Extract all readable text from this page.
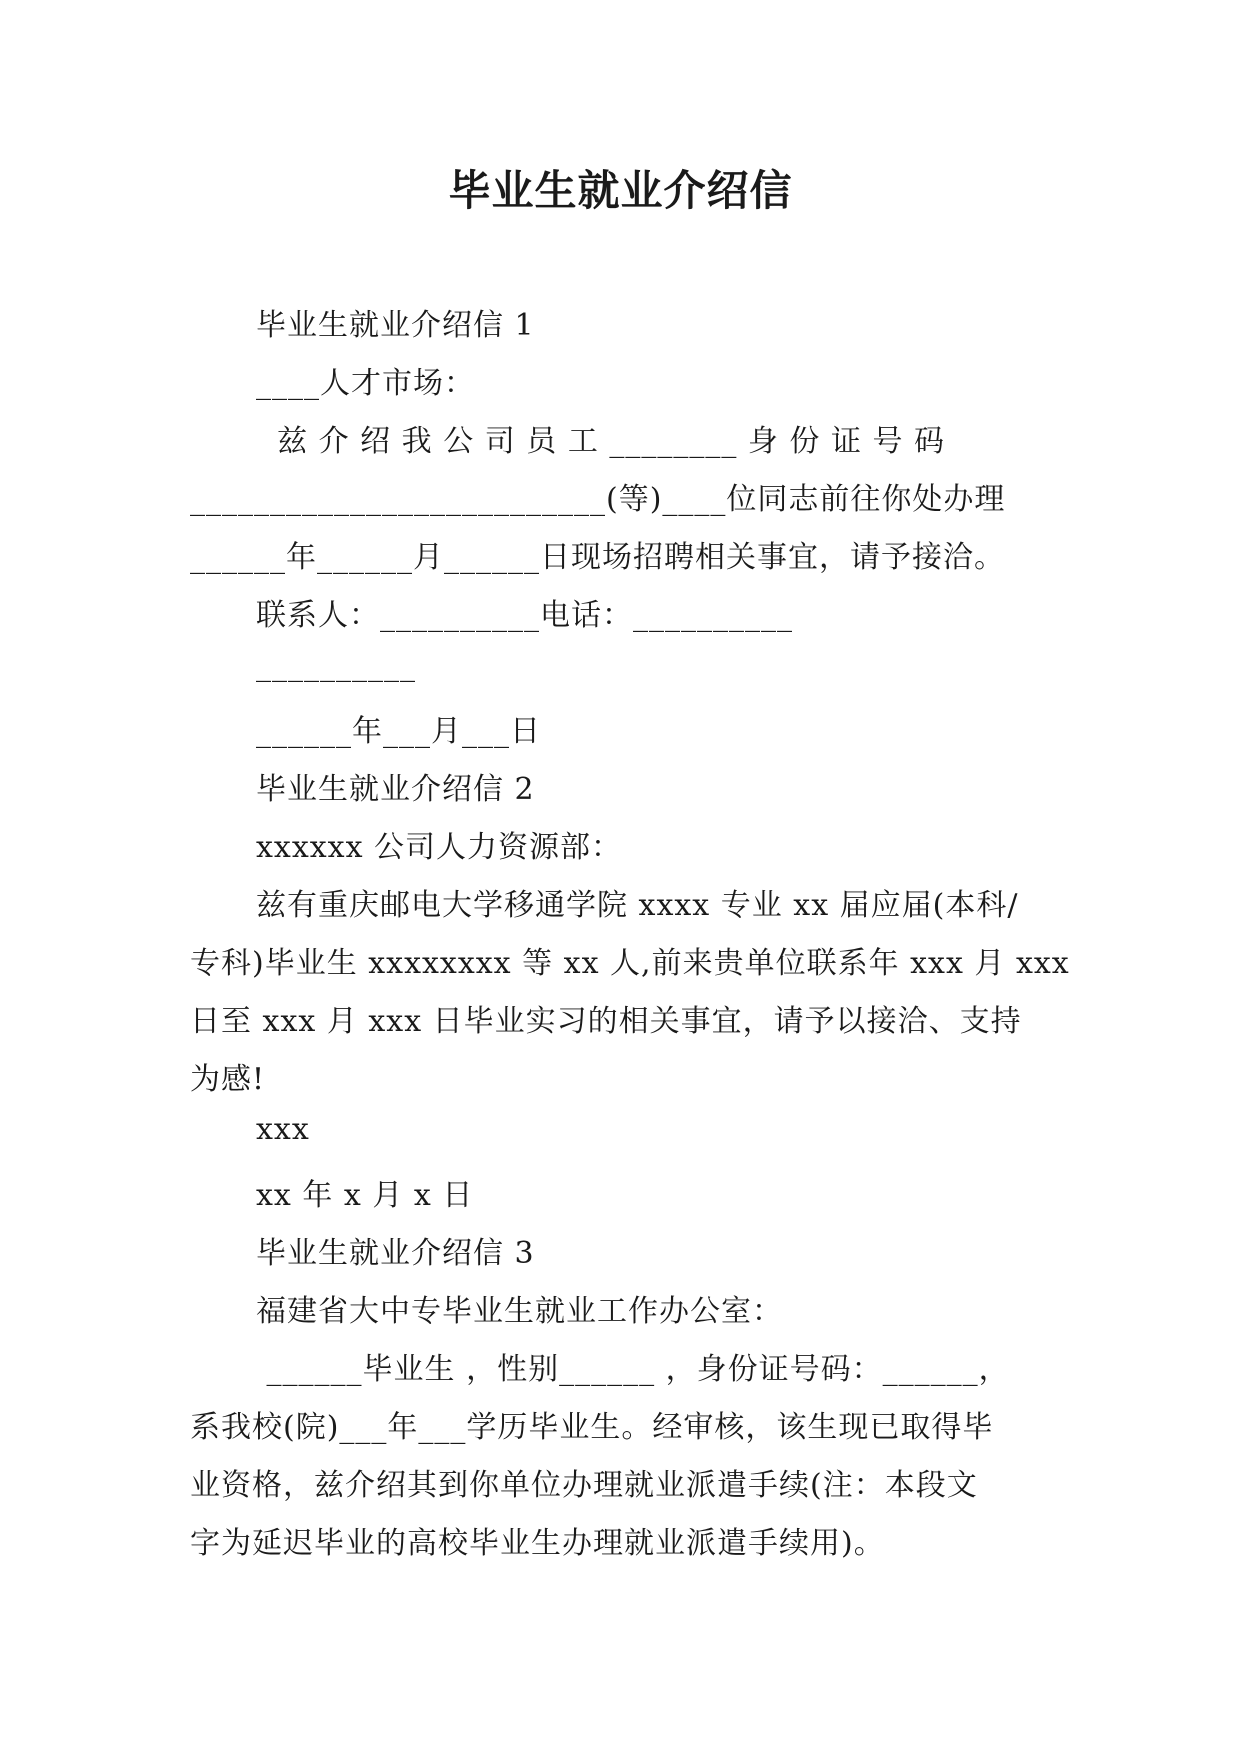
毕业生就业介绍信
毕业生就业介绍信 1
____人才市场：
兹 介 绍 我 公 司 员 工 ________ 身 份 证 号 码
__________________________(等)____位同志前往你处办理
______年______月______日现场招聘相关事宜，请予接洽。
联系人：__________电话：__________
__________
______年___月___日
毕业生就业介绍信 2
xxxxxx 公司人力资源部：
兹有重庆邮电大学移通学院 xxxx 专业 xx 届应届(本科/
专科)毕业生 xxxxxxxx 等 xx 人,前来贵单位联系年 xxx 月 xxx
日至 xxx 月 xxx 日毕业实习的相关事宜，请予以接洽、支持
为感!
xxx
xx 年 x 月 x 日
毕业生就业介绍信 3
福建省大中专毕业生就业工作办公室：
______毕业生 ，性别______ ，身份证号码：______，
系我校(院)___年___学历毕业生。经审核，该生现已取得毕
业资格，兹介绍其到你单位办理就业派遣手续(注：本段文
字为延迟毕业的高校毕业生办理就业派遣手续用)。
